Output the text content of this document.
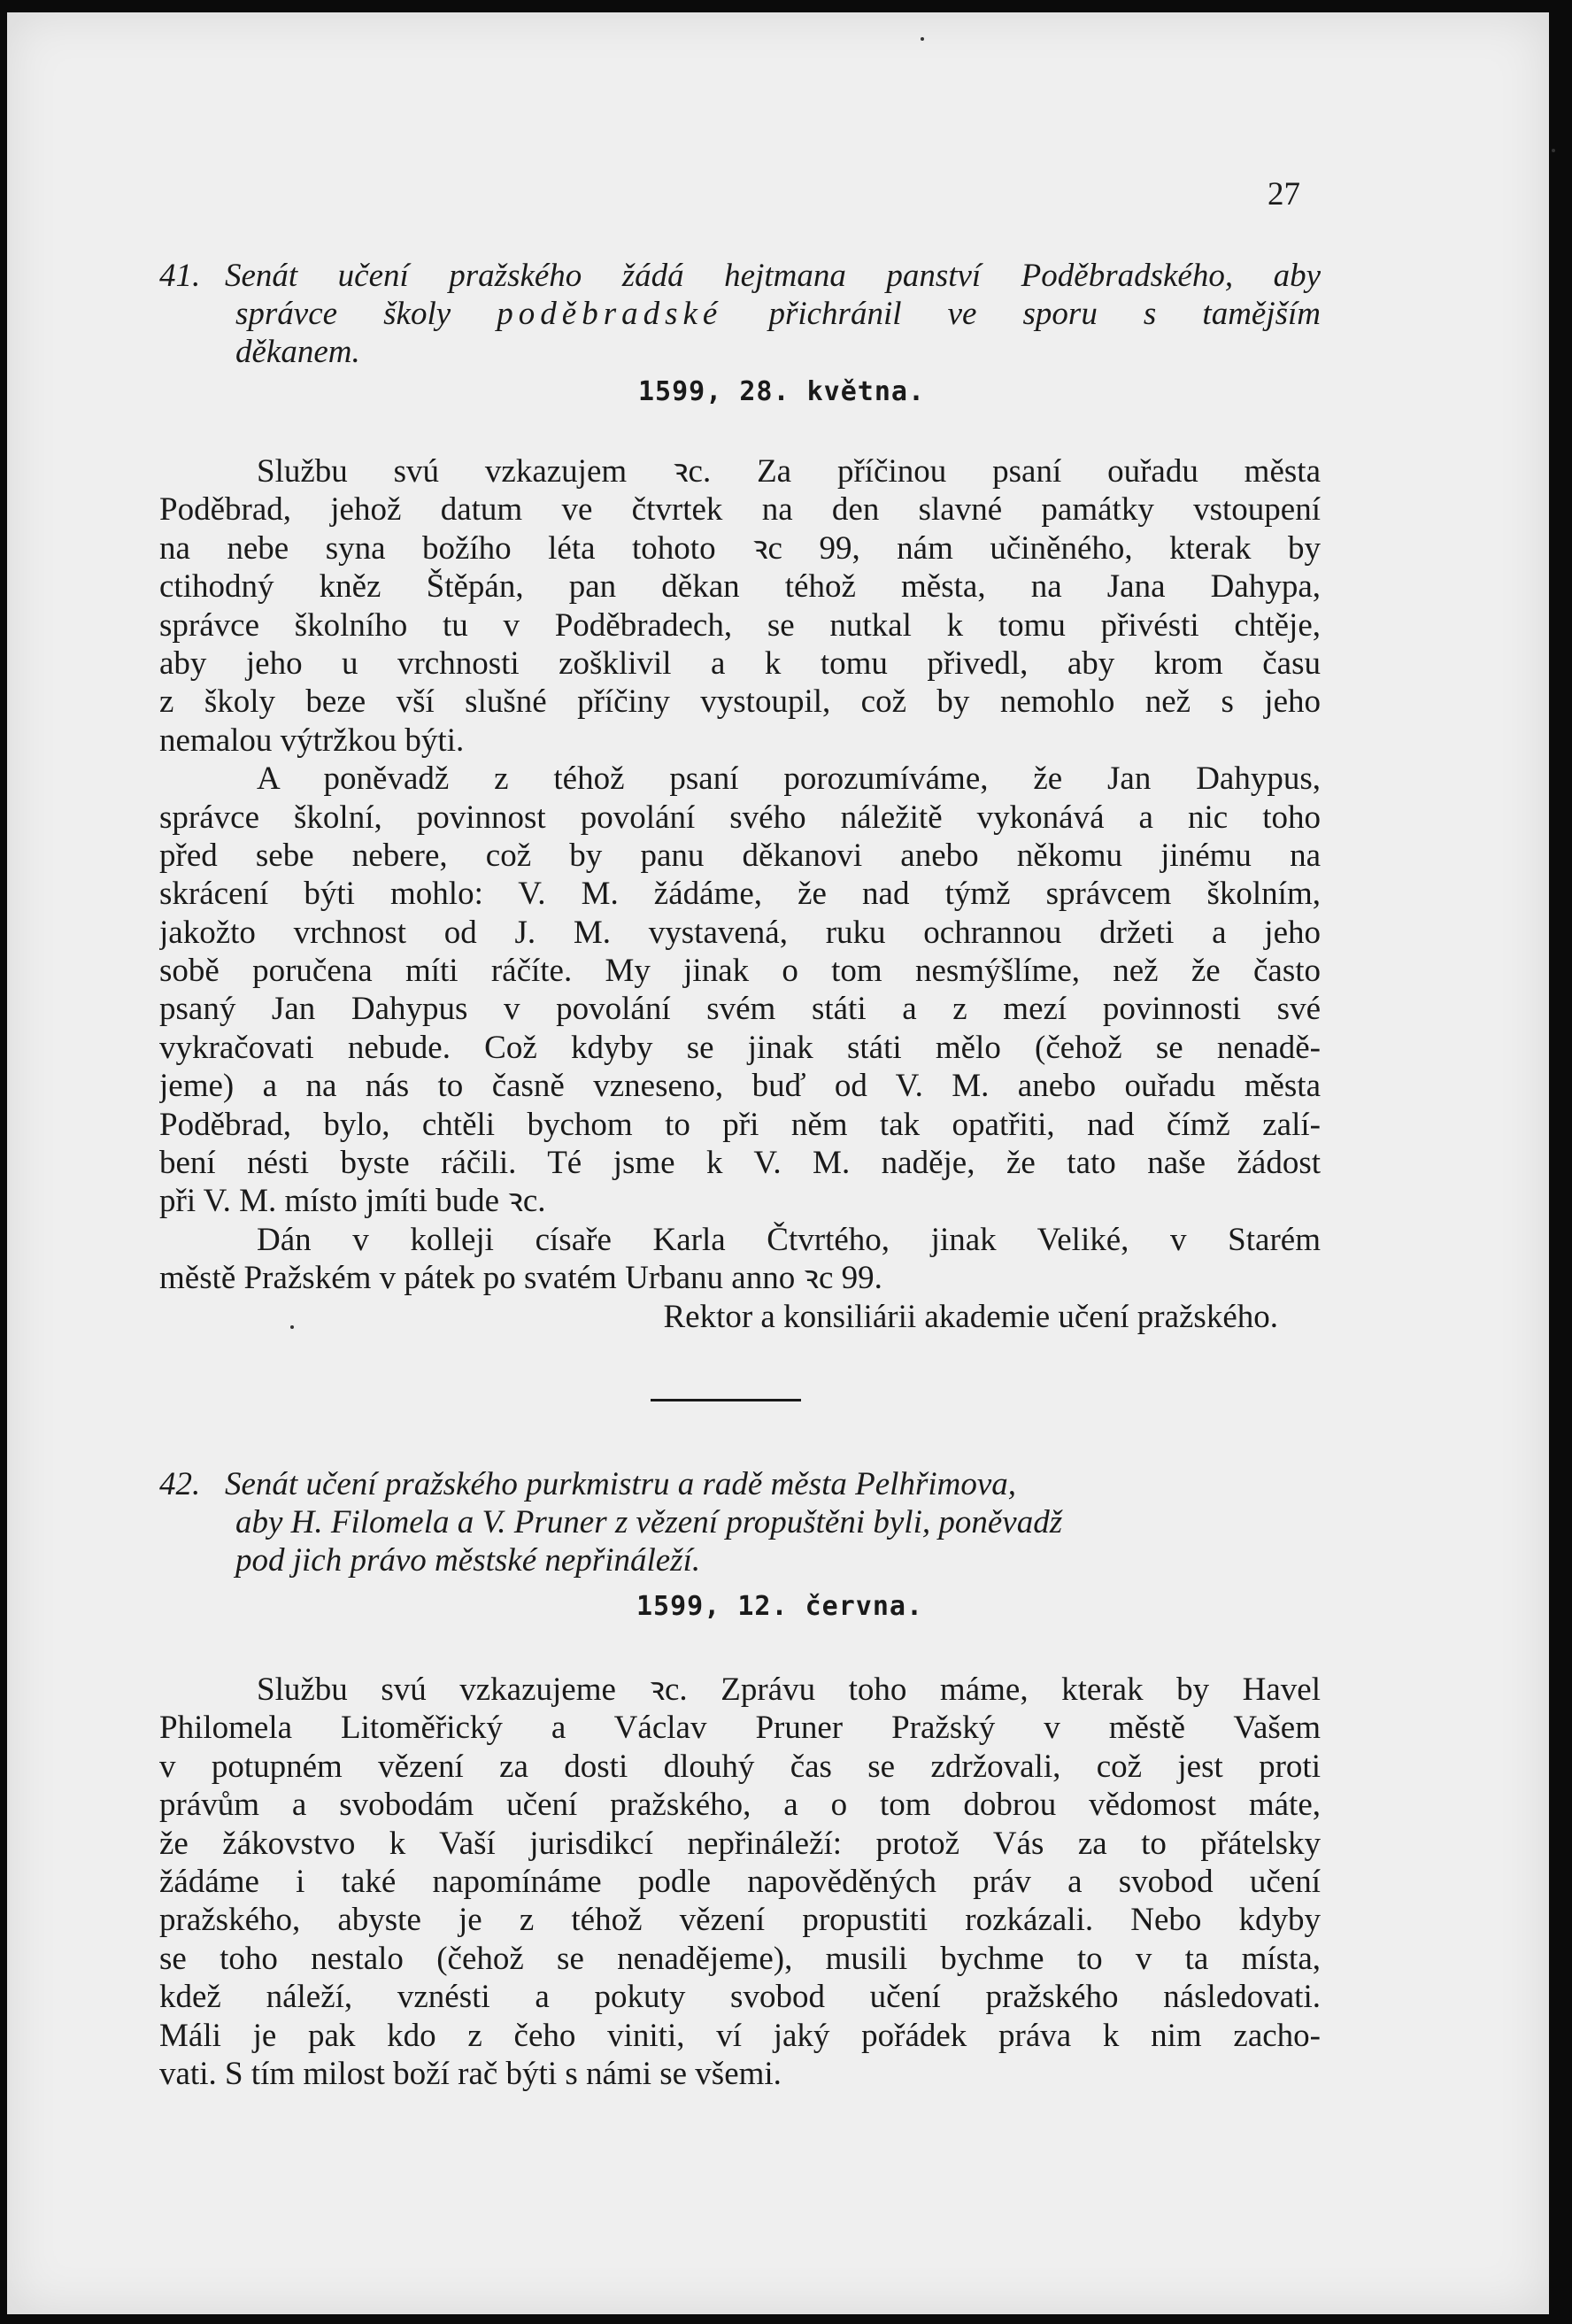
27
41. Senát učení pražského žádá hejtmana panství Poděbradského, aby
správce školy poděbradské přichránil ve sporu s tamějším
děkanem.
1599, 28. května.
Službu svú vzkazujem ꝛc. Za příčinou psaní ouřadu města
Poděbrad, jehož datum ve čtvrtek na den slavné památky vstoupení
na nebe syna božího léta tohoto ꝛc 99, nám učiněného, kterak by
ctihodný kněz Štěpán, pan děkan téhož města, na Jana Dahypa,
správce školního tu v Poděbradech, se nutkal k tomu přivésti chtěje,
aby jeho u vrchnosti zošklivil a k tomu přivedl, aby krom času
z školy beze vší slušné příčiny vystoupil, což by nemohlo než s jeho
nemalou výtržkou býti.
A poněvadž z téhož psaní porozumíváme, že Jan Dahypus,
správce školní, povinnost povolání svého náležitě vykonává a nic toho
před sebe nebere, což by panu děkanovi anebo někomu jinému na
skrácení býti mohlo: V. M. žádáme, že nad týmž správcem školním,
jakožto vrchnost od J. M. vystavená, ruku ochrannou držeti a jeho
sobě poručena míti ráčíte. My jinak o tom nesmýšlíme, než že často
psaný Jan Dahypus v povolání svém státi a z mezí povinnosti své
vykračovati nebude. Což kdyby se jinak státi mělo (čehož se nenadě-
jeme) a na nás to časně vzneseno, buď od V. M. anebo ouřadu města
Poděbrad, bylo, chtěli bychom to při něm tak opatřiti, nad čímž zalí-
bení nésti byste ráčili. Té jsme k V. M. naděje, že tato naše žádost
při V. M. místo jmíti bude ꝛc.
Dán v kolleji císaře Karla Čtvrtého, jinak Veliké, v Starém
městě Pražském v pátek po svatém Urbanu anno ꝛc 99.
Rektor a konsiliárii akademie učení pražského.
42. Senát učení pražského purkmistru a radě města Pelhřimova,
aby H. Filomela a V. Pruner z vězení propuštěni byli, poněvadž
pod jich právo městské nepřináleží.
1599, 12. června.
Službu svú vzkazujeme ꝛc. Zprávu toho máme, kterak by Havel
Philomela Litoměřický a Václav Pruner Pražský v městě Vašem
v potupném vězení za dosti dlouhý čas se zdržovali, což jest proti
právům a svobodám učení pražského, a o tom dobrou vědomost máte,
že žákovstvo k Vaší jurisdikcí nepřináleží: protož Vás za to přátelsky
žádáme i také napomínáme podle napověděných práv a svobod učení
pražského, abyste je z téhož vězení propustiti rozkázali. Nebo kdyby
se toho nestalo (čehož se nenadějeme), musili bychme to v ta místa,
kdež náleží, vznésti a pokuty svobod učení pražského následovati.
Máli je pak kdo z čeho viniti, ví jaký pořádek práva k nim zacho-
vati. S tím milost boží rač býti s námi se všemi.
